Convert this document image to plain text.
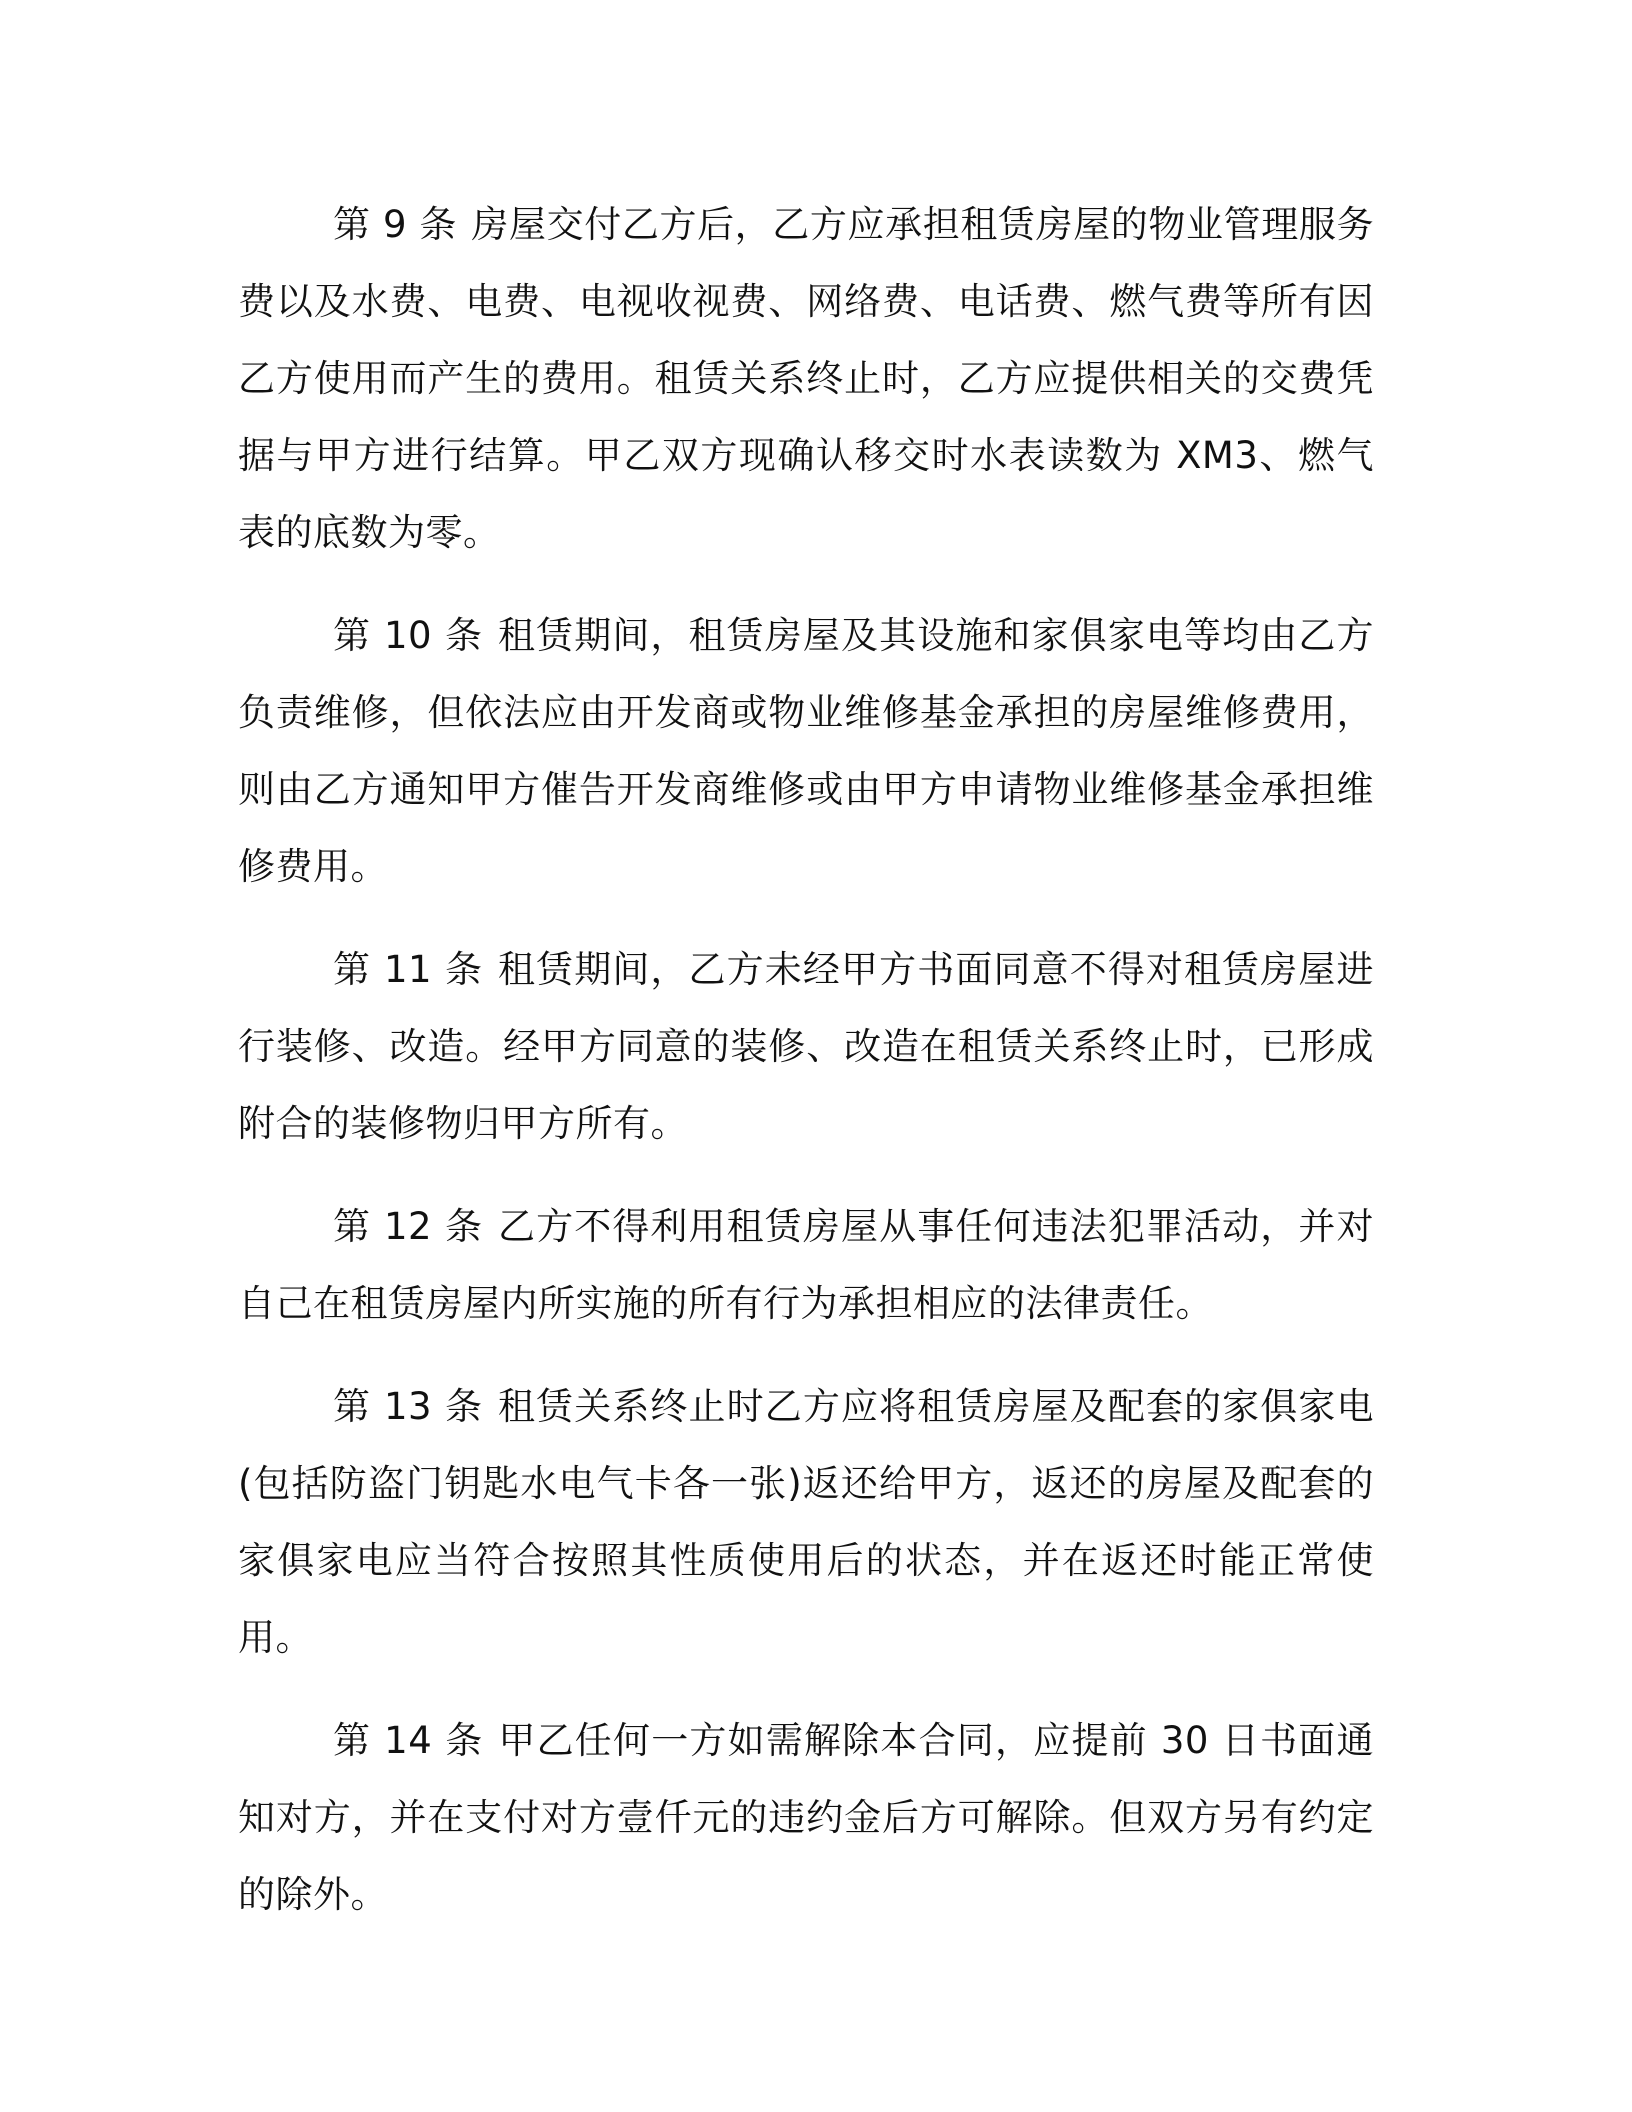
第 9 条 房屋交付乙方后，乙方应承担租赁房屋的物业管理服务费以及水费、电费、电视收视费、网络费、电话费、燃气费等所有因乙方使用而产生的费用。租赁关系终止时，乙方应提供相关的交费凭据与甲方进行结算。甲乙双方现确认移交时水表读数为 XM3、燃气表的底数为零。

第 10 条 租赁期间，租赁房屋及其设施和家俱家电等均由乙方负责维修，但依法应由开发商或物业维修基金承担的房屋维修费用，则由乙方通知甲方催告开发商维修或由甲方申请物业维修基金承担维修费用。

第 11 条 租赁期间，乙方未经甲方书面同意不得对租赁房屋进行装修、改造。经甲方同意的装修、改造在租赁关系终止时，已形成附合的装修物归甲方所有。

第 12 条 乙方不得利用租赁房屋从事任何违法犯罪活动，并对自己在租赁房屋内所实施的所有行为承担相应的法律责任。

第 13 条 租赁关系终止时乙方应将租赁房屋及配套的家俱家电(包括防盗门钥匙水电气卡各一张)返还给甲方，返还的房屋及配套的家俱家电应当符合按照其性质使用后的状态，并在返还时能正常使用。

第 14 条 甲乙任何一方如需解除本合同，应提前 30 日书面通知对方，并在支付对方壹仟元的违约金后方可解除。但双方另有约定的除外。
